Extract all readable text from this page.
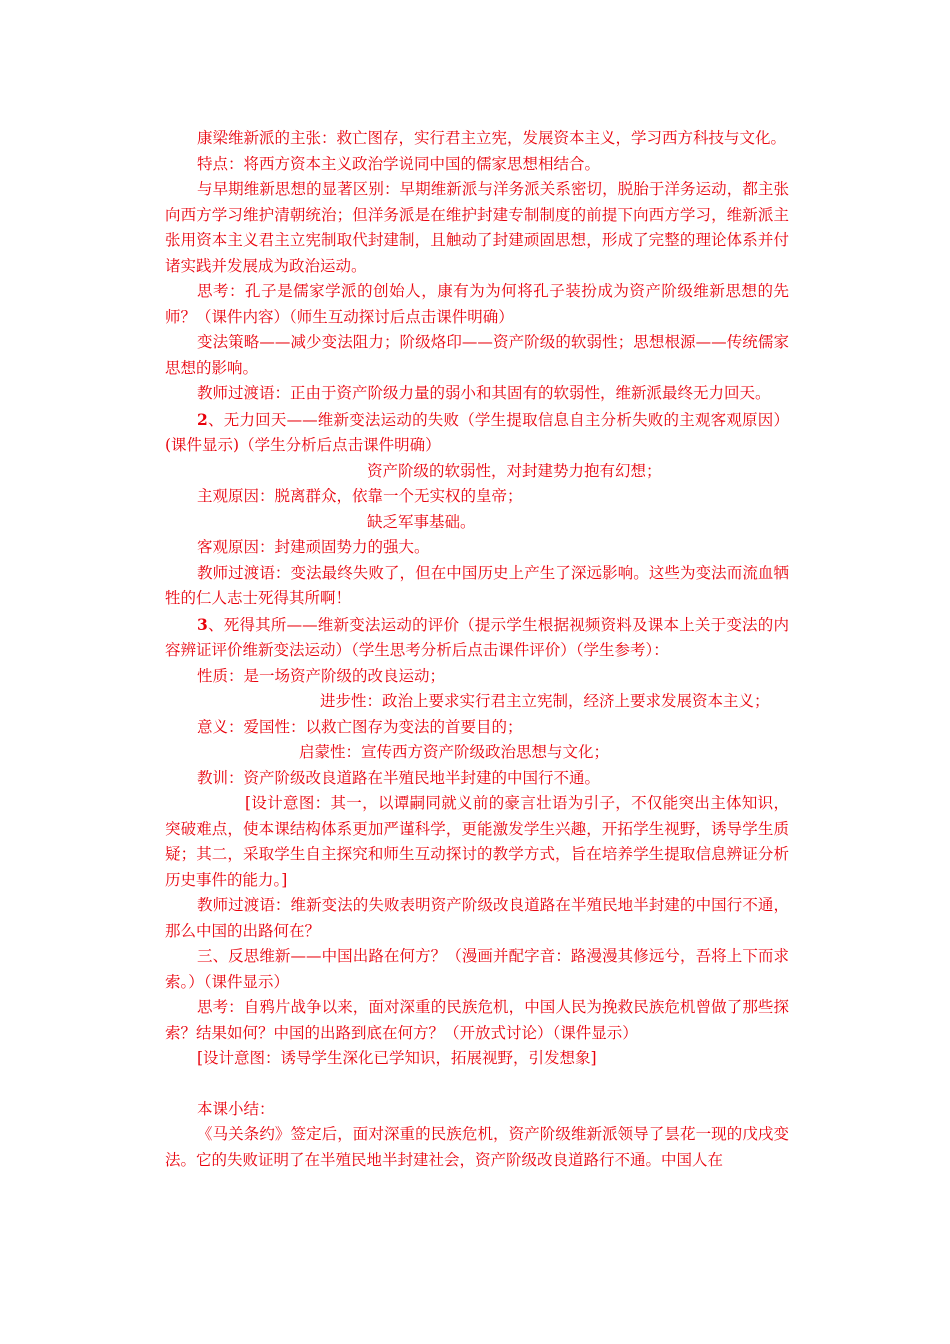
康梁维新派的主张：救亡图存，实行君主立宪，发展资本主义，学习西方科技与文化。

特点：将西方资本主义政治学说同中国的儒家思想相结合。

与早期维新思想的显著区别：早期维新派与洋务派关系密切，脱胎于洋务运动，都主张向西方学习维护清朝统治；但洋务派是在维护封建专制制度的前提下向西方学习，维新派主张用资本主义君主立宪制取代封建制，且触动了封建顽固思想，形成了完整的理论体系并付诸实践并发展成为政治运动。

思考：孔子是儒家学派的创始人，康有为为何将孔子装扮成为资产阶级维新思想的先师？（课件内容）（师生互动探讨后点击课件明确）

变法策略——减少变法阻力；阶级烙印——资产阶级的软弱性；思想根源——传统儒家思想的影响。

教师过渡语：正由于资产阶级力量的弱小和其固有的软弱性，维新派最终无力回天。

2、无力回天——维新变法运动的失败（学生提取信息自主分析失败的主观客观原因）(课件显示)（学生分析后点击课件明确）

资产阶级的软弱性，对封建势力抱有幻想；

主观原因：脱离群众，依靠一个无实权的皇帝；

缺乏军事基础。

客观原因：封建顽固势力的强大。

教师过渡语：变法最终失败了，但在中国历史上产生了深远影响。这些为变法而流血牺牲的仁人志士死得其所啊！

3、死得其所——维新变法运动的评价（提示学生根据视频资料及课本上关于变法的内容辨证评价维新变法运动）（学生思考分析后点击课件评价）（学生参考）：

性质：是一场资产阶级的改良运动；

进步性：政治上要求实行君主立宪制，经济上要求发展资本主义；

意义：爱国性：以救亡图存为变法的首要目的；

启蒙性：宣传西方资产阶级政治思想与文化；

教训：资产阶级改良道路在半殖民地半封建的中国行不通。

[设计意图：其一，以谭嗣同就义前的豪言壮语为引子，不仅能突出主体知识，突破难点，使本课结构体系更加严谨科学，更能激发学生兴趣，开拓学生视野，诱导学生质疑；其二，采取学生自主探究和师生互动探讨的教学方式，旨在培养学生提取信息辨证分析历史事件的能力。]

教师过渡语：维新变法的失败表明资产阶级改良道路在半殖民地半封建的中国行不通，那么中国的出路何在？

三、反思维新——中国出路在何方？（漫画并配字音：路漫漫其修远兮，吾将上下而求索。）（课件显示）

思考：自鸦片战争以来，面对深重的民族危机，中国人民为挽救民族危机曾做了那些探索？结果如何？中国的出路到底在何方？（开放式讨论）（课件显示）

[设计意图：诱导学生深化已学知识，拓展视野，引发想象]

本课小结：

《马关条约》签定后，面对深重的民族危机，资产阶级维新派领导了昙花一现的戊戌变法。它的失败证明了在半殖民地半封建社会，资产阶级改良道路行不通。中国人在
